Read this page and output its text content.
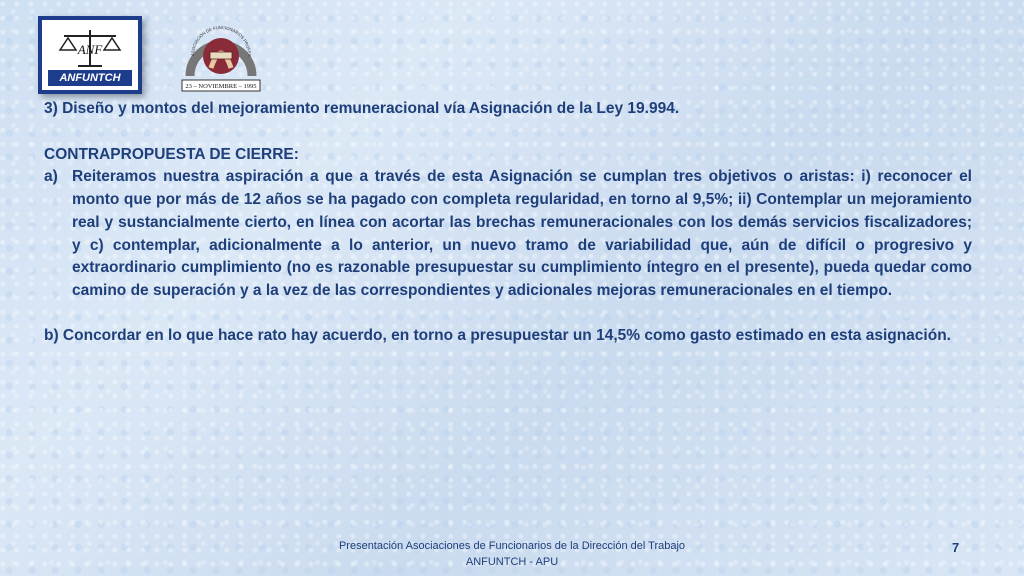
ANF
ANFUNTCH
ASOCIACIÓN DE FUNCIONARIOS PROFES
23 – NOVIEMBRE – 1995

3) Diseño y montos del mejoramiento remuneracional vía Asignación de la Ley 19.994.

CONTRAPROPUESTA DE CIERRE:

a) Reiteramos nuestra aspiración a que a través de esta Asignación se cumplan tres objetivos o aristas: i) reconocer el monto que por más de 12 años se ha pagado con completa regularidad, en torno al 9,5%; ii) Contemplar un mejoramiento real y sustancialmente cierto, en línea con acortar las brechas remuneracionales con los demás servicios fiscalizadores; y c) contemplar, adicionalmente a lo anterior, un nuevo tramo de variabilidad que, aún de difícil o progresivo y extraordinario cumplimiento (no es razonable presupuestar su cumplimiento íntegro en el presente), pueda quedar como camino de superación y a la vez de las correspondientes y adicionales mejoras remuneracionales en el tiempo.

b) Concordar en lo que hace rato hay acuerdo, en torno a presupuestar un 14,5% como gasto estimado en esta asignación.

Presentación Asociaciones de Funcionarios de la Dirección del Trabajo
ANFUNTCH - APU
7
